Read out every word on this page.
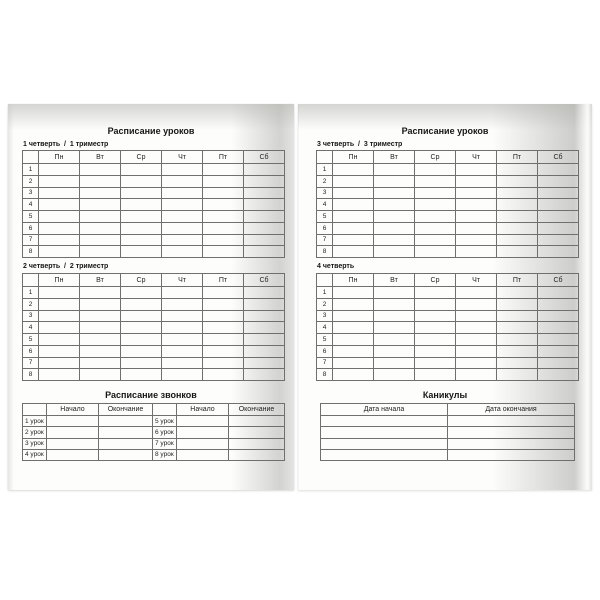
Расписание уроков
1 четверть  /  1 триместр
	Пн	Вт	Ср	Чт	Пт	Сб
1						
2						
3						
4						
5						
6						
7						
8						
2 четверть  /  2 триместр
	Пн	Вт	Ср	Чт	Пт	Сб
1						
2						
3						
4						
5						
6						
7						
8						
Расписание звонков
	Начало	Окончание		Начало	Окончание
1 урок			5 урок		
2 урок			6 урок		
3 урок			7 урок		
4 урок			8 урок		
Расписание уроков
3 четверть  /  3 триместр
	Пн	Вт	Ср	Чт	Пт	Сб
1						
2						
3						
4						
5						
6						
7						
8						
4 четверть
	Пн	Вт	Ср	Чт	Пт	Сб
1						
2						
3						
4						
5						
6						
7						
8						
Каникулы
Дата начала	Дата окончания
